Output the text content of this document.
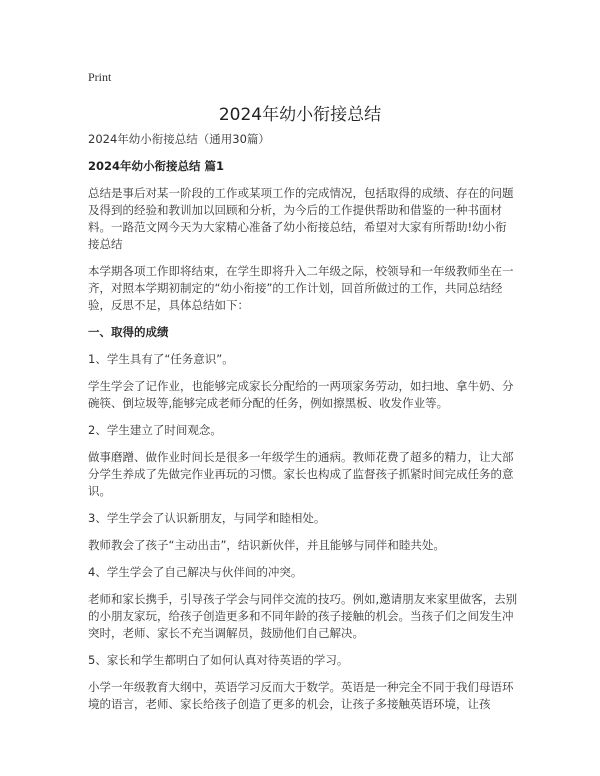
Print
2024年幼小衔接总结

2024年幼小衔接总结（通用30篇）

2024年幼小衔接总结 篇1

总结是事后对某一阶段的工作或某项工作的完成情况，包括取得的成绩、存在的问题及得到的经验和教训加以回顾和分析，为今后的工作提供帮助和借鉴的一种书面材料。一路范文网今天为大家精心准备了幼小衔接总结，希望对大家有所帮助!幼小衔接总结

本学期各项工作即将结束，在学生即将升入二年级之际，校领导和一年级教师坐在一齐，对照本学期初制定的“幼小衔接”的工作计划，回首所做过的工作，共同总结经验，反思不足，具体总结如下：

一、取得的成绩

1、学生具有了“任务意识”。

学生学会了记作业，也能够完成家长分配给的一两项家务劳动，如扫地、拿牛奶、分碗筷、倒垃圾等,能够完成老师分配的任务，例如擦黑板、收发作业等。

2、学生建立了时间观念。

做事磨蹭、做作业时间长是很多一年级学生的通病。教师花费了超多的精力，让大部分学生养成了先做完作业再玩的习惯。家长也构成了监督孩子抓紧时间完成任务的意识。

3、学生学会了认识新朋友，与同学和睦相处。

教师教会了孩子“主动出击”，结识新伙伴，并且能够与同伴和睦共处。

4、学生学会了自己解决与伙伴间的冲突。

老师和家长携手，引导孩子学会与同伴交流的技巧。例如,邀请朋友来家里做客，去别的小朋友家玩，给孩子创造更多和不同年龄的孩子接触的机会。当孩子们之间发生冲突时，老师、家长不充当调解员，鼓励他们自己解决。

5、家长和学生都明白了如何认真对待英语的学习。

小学一年级教育大纲中，英语学习反而大于数学。英语是一种完全不同于我们母语环境的语言，老师、家长给孩子创造了更多的机会，让孩子多接触英语环境，让孩
